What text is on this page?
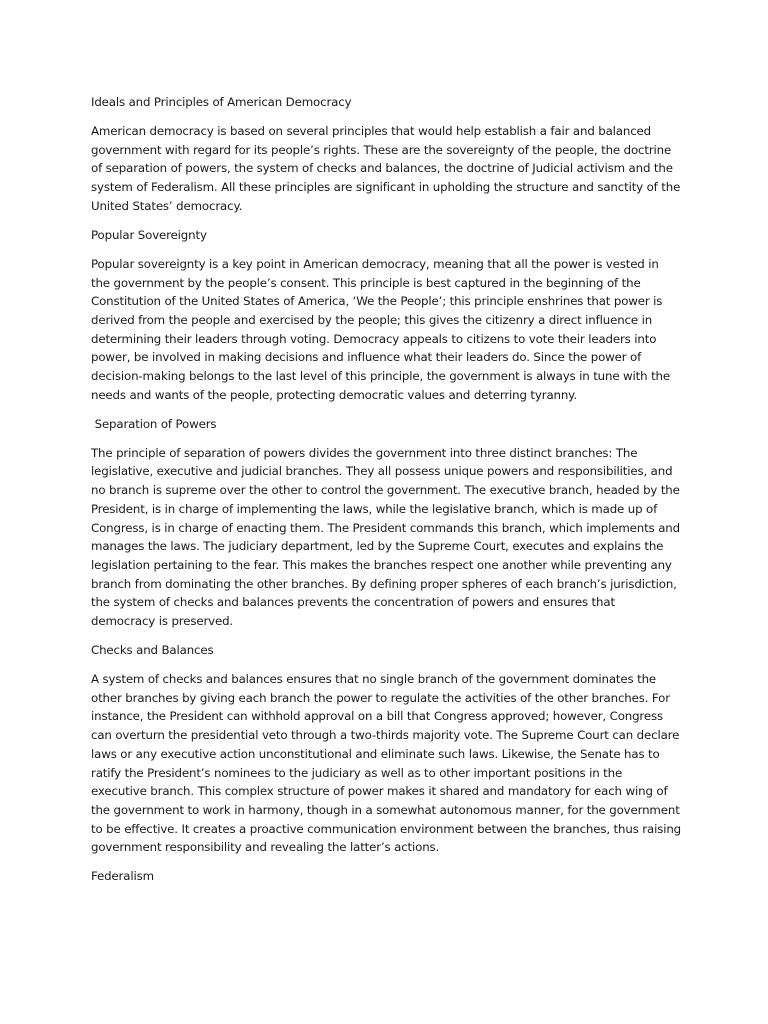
Ideals and Principles of American Democracy

American democracy is based on several principles that would help establish a fair and balanced government with regard for its people’s rights. These are the sovereignty of the people, the doctrine of separation of powers, the system of checks and balances, the doctrine of Judicial activism and the system of Federalism. All these principles are significant in upholding the structure and sanctity of the United States’ democracy.

Popular Sovereignty

Popular sovereignty is a key point in American democracy, meaning that all the power is vested in the government by the people’s consent. This principle is best captured in the beginning of the Constitution of the United States of America, ‘We the People’; this principle enshrines that power is derived from the people and exercised by the people; this gives the citizenry a direct influence in determining their leaders through voting. Democracy appeals to citizens to vote their leaders into power, be involved in making decisions and influence what their leaders do. Since the power of decision-making belongs to the last level of this principle, the government is always in tune with the needs and wants of the people, protecting democratic values and deterring tyranny.

Separation of Powers

The principle of separation of powers divides the government into three distinct branches: The legislative, executive and judicial branches. They all possess unique powers and responsibilities, and no branch is supreme over the other to control the government. The executive branch, headed by the President, is in charge of implementing the laws, while the legislative branch, which is made up of Congress, is in charge of enacting them. The President commands this branch, which implements and manages the laws. The judiciary department, led by the Supreme Court, executes and explains the legislation pertaining to the fear. This makes the branches respect one another while preventing any branch from dominating the other branches. By defining proper spheres of each branch’s jurisdiction, the system of checks and balances prevents the concentration of powers and ensures that democracy is preserved.

Checks and Balances

A system of checks and balances ensures that no single branch of the government dominates the other branches by giving each branch the power to regulate the activities of the other branches. For instance, the President can withhold approval on a bill that Congress approved; however, Congress can overturn the presidential veto through a two-thirds majority vote. The Supreme Court can declare laws or any executive action unconstitutional and eliminate such laws. Likewise, the Senate has to ratify the President’s nominees to the judiciary as well as to other important positions in the executive branch. This complex structure of power makes it shared and mandatory for each wing of the government to work in harmony, though in a somewhat autonomous manner, for the government to be effective. It creates a proactive communication environment between the branches, thus raising government responsibility and revealing the latter’s actions.

Federalism
